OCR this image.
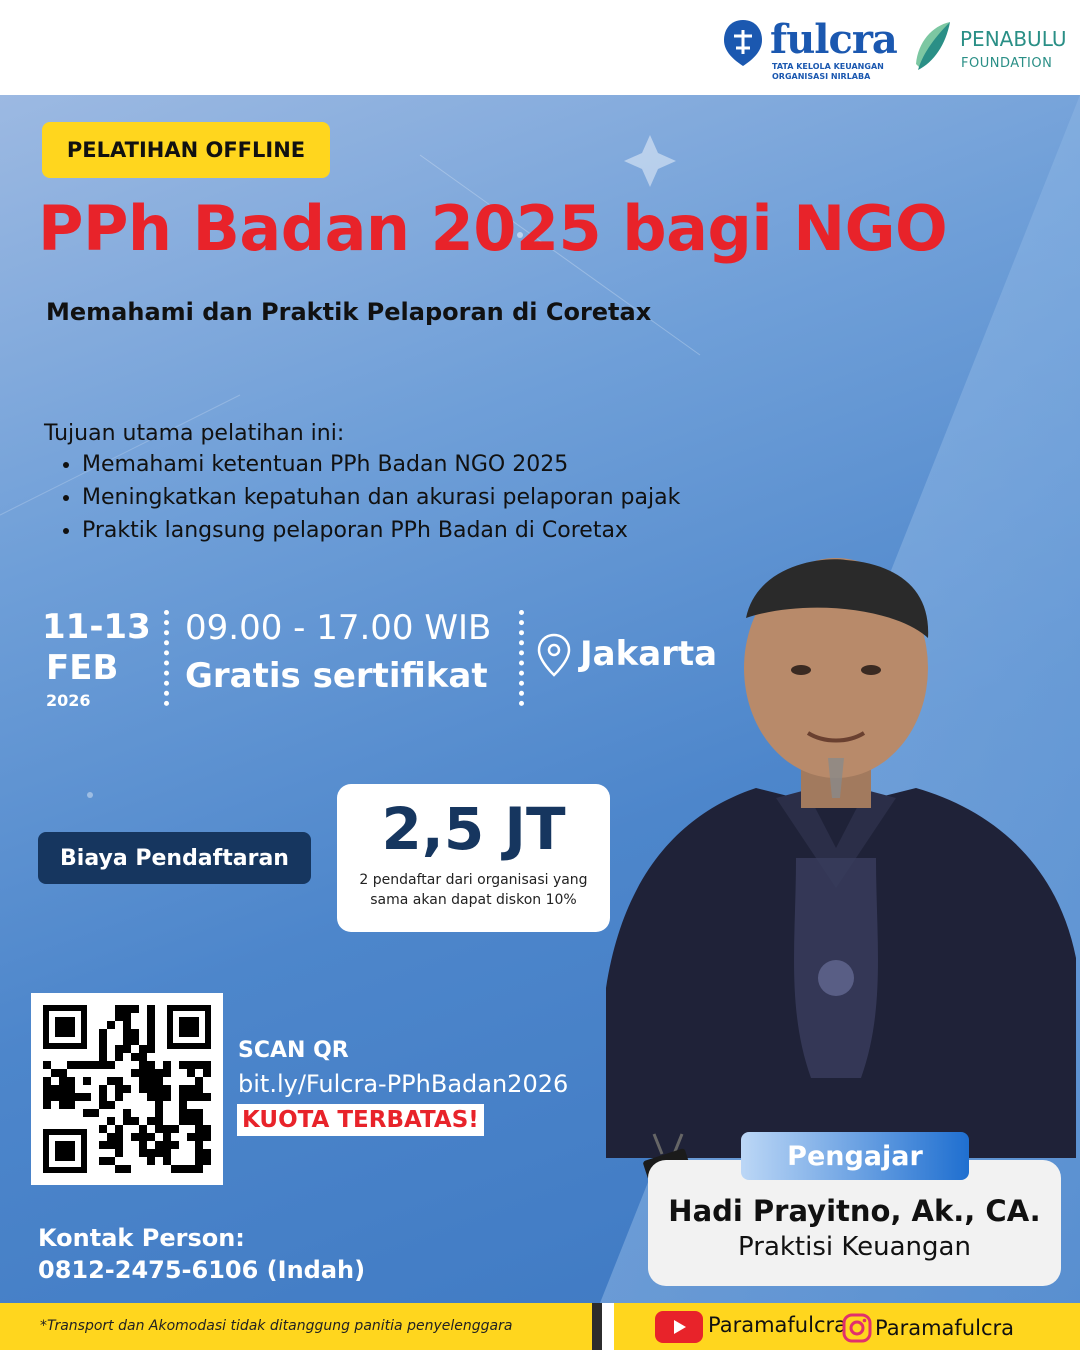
fulcra
TATA KELOLA KEUANGAN
ORGANISASI NIRLABA
PENABULU
FOUNDATION
PELATIHAN OFFLINE
PPh Badan 2025 bagi NGO
Memahami dan Praktik Pelaporan di Coretax
Tujuan utama pelatihan ini:
• Memahami ketentuan PPh Badan NGO 2025
• Meningkatkan kepatuhan dan akurasi pelaporan pajak
• Praktik langsung pelaporan PPh Badan di Coretax
11-13
FEB
2026
09.00 - 17.00 WIB
Gratis sertifikat
Jakarta
Biaya Pendaftaran	2,5 JT
2 pendaftar dari organisasi yang
sama akan dapat diskon 10%
SCAN QR
bit.ly/Fulcra-PPhBadan2026
KUOTA TERBATAS!
Kontak Person:
0812-2475-6106 (Indah)
Hadi Prayitno, Ak., CA.
Praktisi Keuangan
Pengajar
*Transport dan Akomodasi tidak ditanggung panitia penyelenggara	Paramafulcra Paramafulcra
